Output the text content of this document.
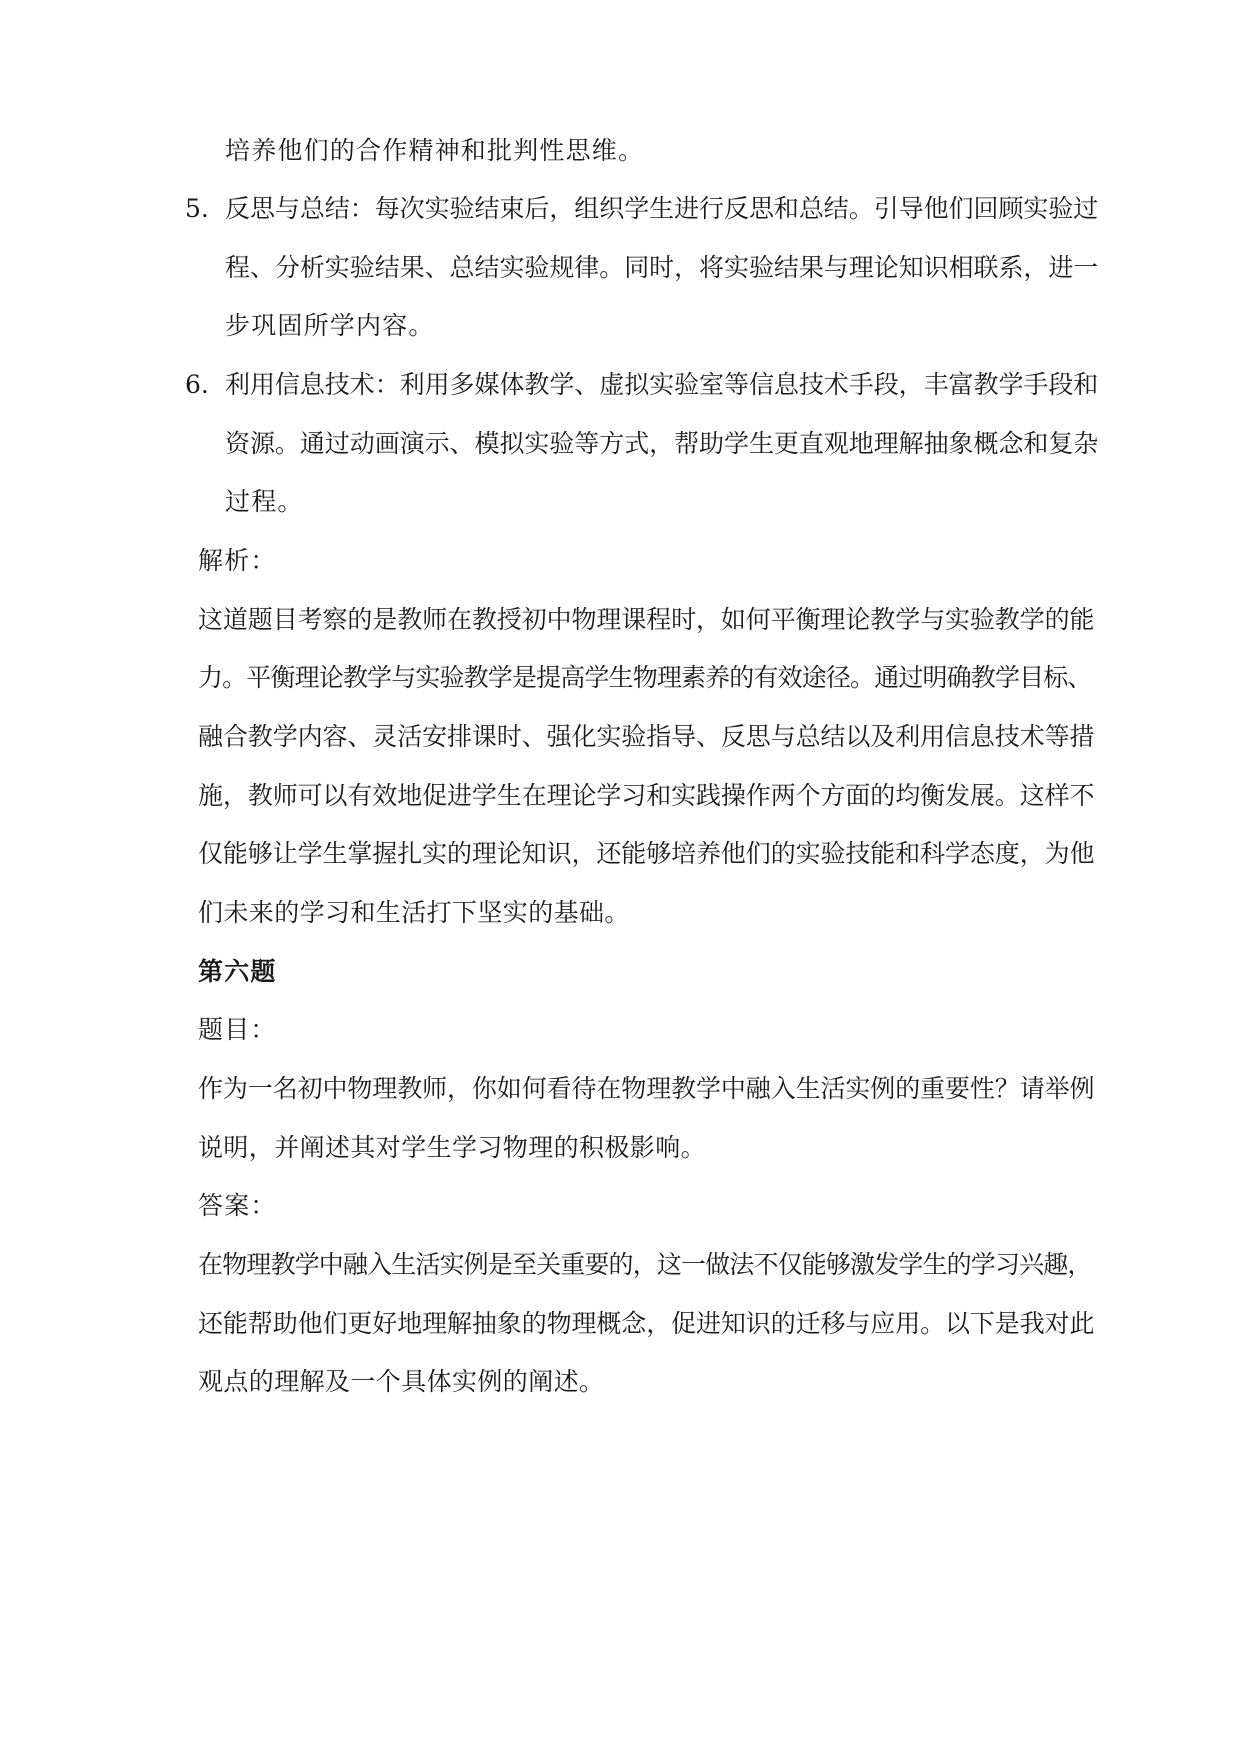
培养他们的合作精神和批判性思维。
5. 反思与总结：每次实验结束后，组织学生进行反思和总结。引导他们回顾实验过
程、分析实验结果、总结实验规律。同时，将实验结果与理论知识相联系，进一
步巩固所学内容。
6. 利用信息技术：利用多媒体教学、虚拟实验室等信息技术手段，丰富教学手段和
资源。通过动画演示、模拟实验等方式，帮助学生更直观地理解抽象概念和复杂
过程。
解析：
这道题目考察的是教师在教授初中物理课程时，如何平衡理论教学与实验教学的能
力。平衡理论教学与实验教学是提高学生物理素养的有效途径。通过明确教学目标、
融合教学内容、灵活安排课时、强化实验指导、反思与总结以及利用信息技术等措
施，教师可以有效地促进学生在理论学习和实践操作两个方面的均衡发展。这样不
仅能够让学生掌握扎实的理论知识，还能够培养他们的实验技能和科学态度，为他
们未来的学习和生活打下坚实的基础。
第六题
题目：
作为一名初中物理教师，你如何看待在物理教学中融入生活实例的重要性？请举例
说明，并阐述其对学生学习物理的积极影响。
答案：
在物理教学中融入生活实例是至关重要的，这一做法不仅能够激发学生的学习兴趣，
还能帮助他们更好地理解抽象的物理概念，促进知识的迁移与应用。以下是我对此
观点的理解及一个具体实例的阐述。
